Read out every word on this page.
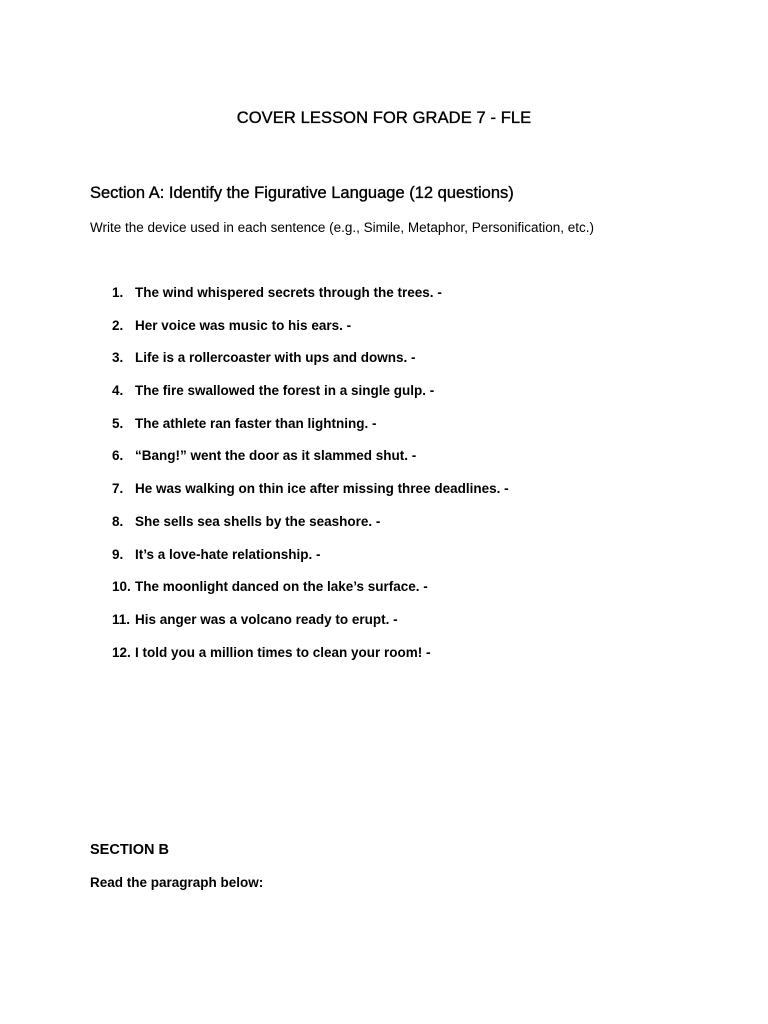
COVER LESSON FOR GRADE 7 - FLE
Section A: Identify the Figurative Language (12 questions)

Write the device used in each sentence (e.g., Simile, Metaphor, Personification, etc.)

1. The wind whispered secrets through the trees. -
2. Her voice was music to his ears. -
3. Life is a rollercoaster with ups and downs. -
4. The fire swallowed the forest in a single gulp. -
5. The athlete ran faster than lightning. -
6. “Bang!” went the door as it slammed shut. -
7. He was walking on thin ice after missing three deadlines. -
8. She sells sea shells by the seashore. -
9. It’s a love-hate relationship. -
10. The moonlight danced on the lake’s surface. -
11. His anger was a volcano ready to erupt. -
12. I told you a million times to clean your room! -
SECTION B

Read the paragraph below:
